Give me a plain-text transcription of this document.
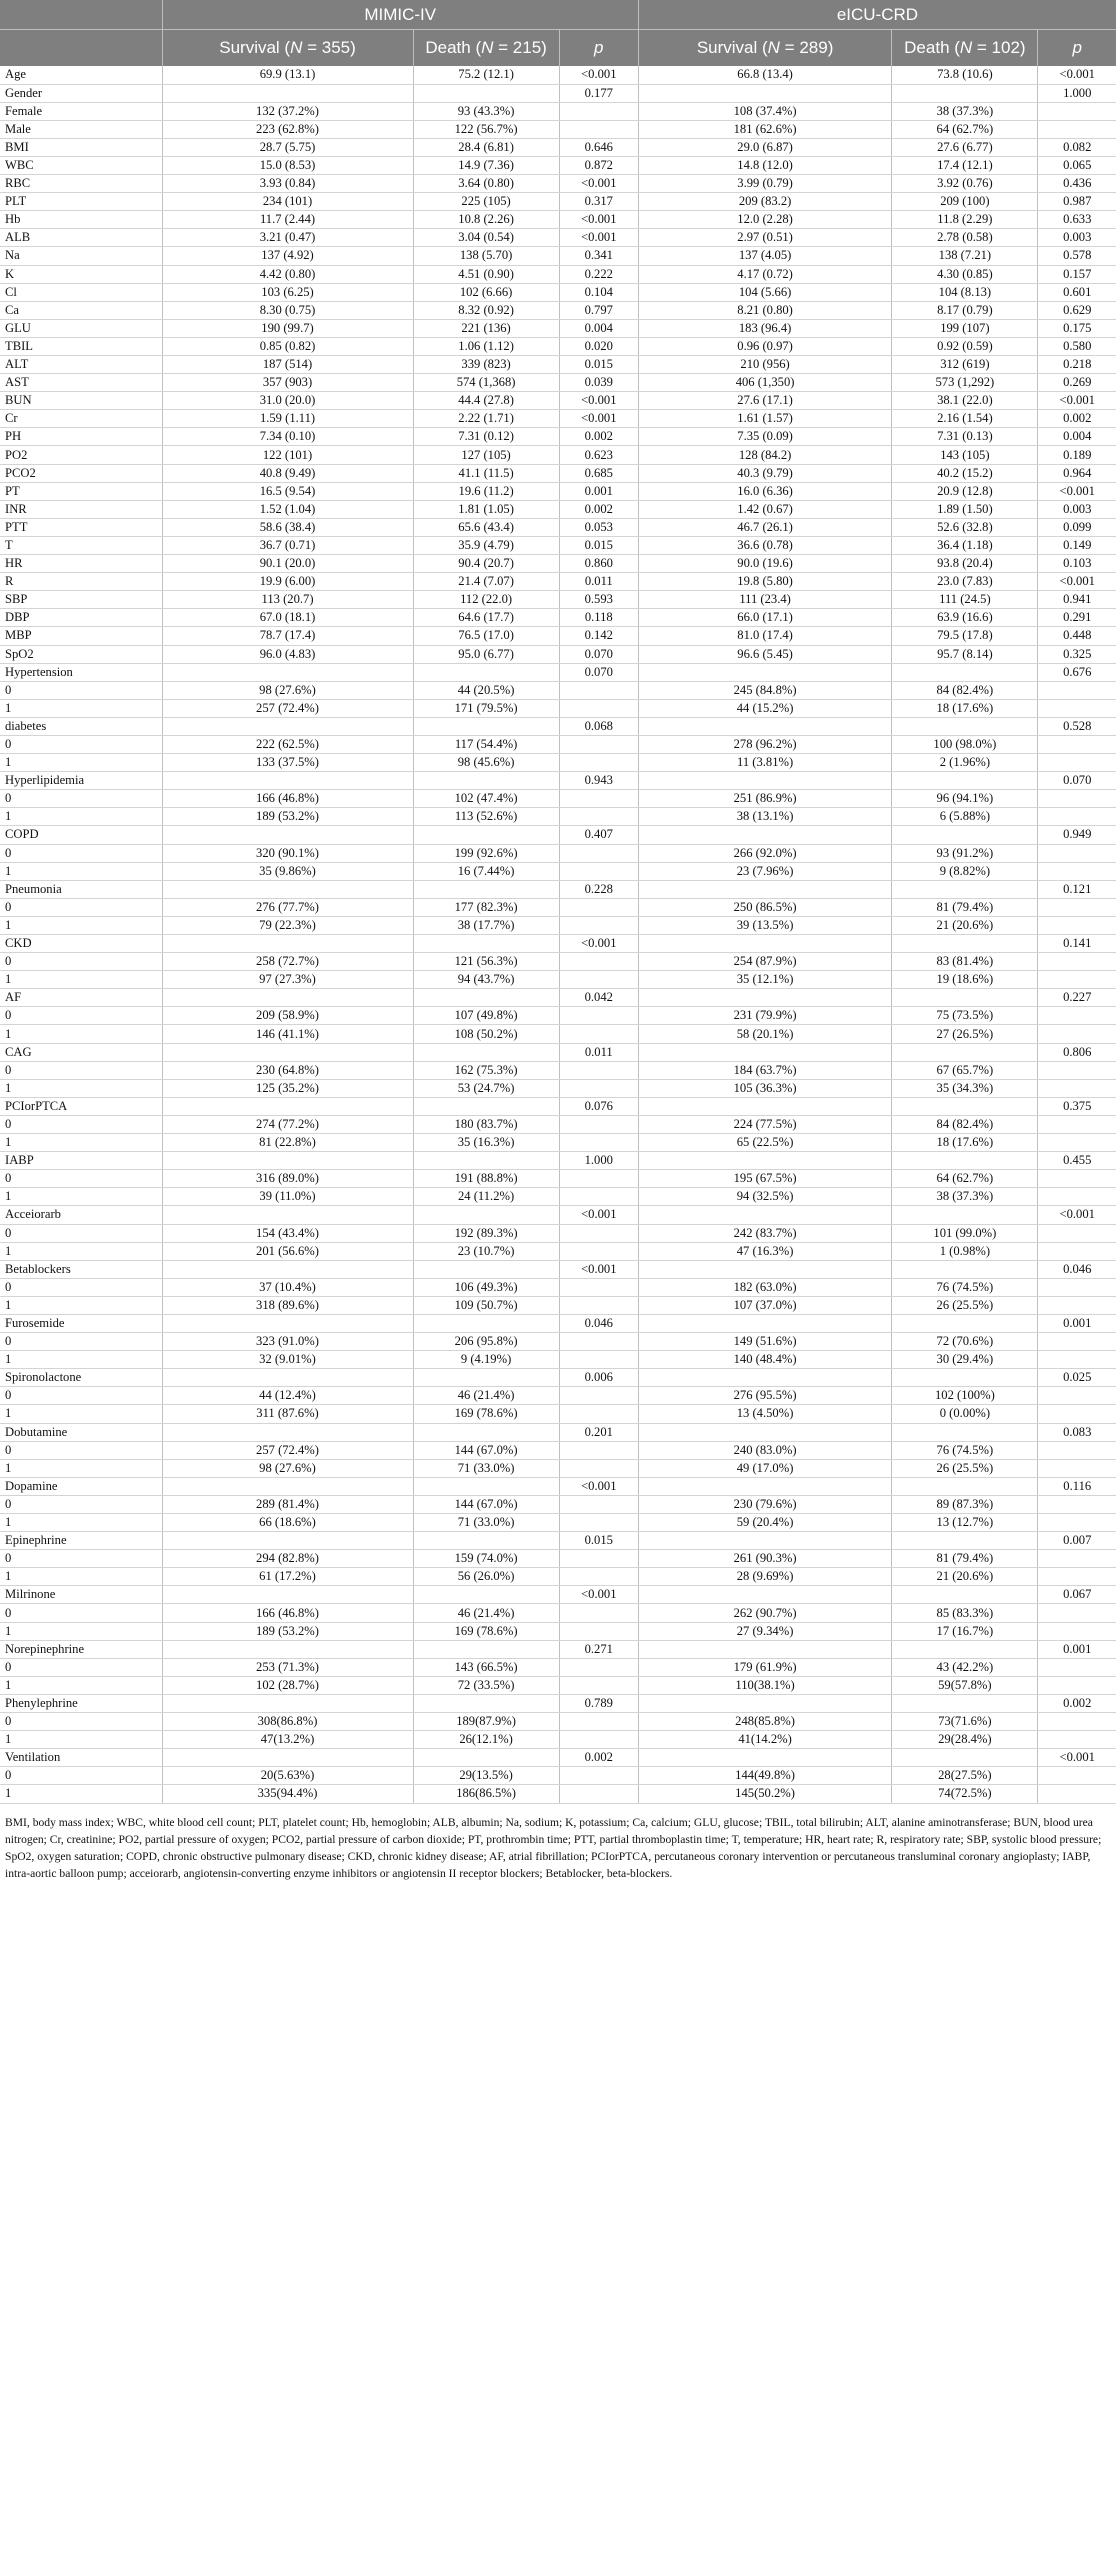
	MIMIC-IV			eICU-CRD		
	Survival (N = 355)	Death (N = 215)	p	Survival (N = 289)	Death (N = 102)	p
Age	69.9 (13.1)	75.2 (12.1)	<0.001	66.8 (13.4)	73.8 (10.6)	<0.001
Gender			0.177			1.000
Female	132 (37.2%)	93 (43.3%)		108 (37.4%)	38 (37.3%)	
Male	223 (62.8%)	122 (56.7%)		181 (62.6%)	64 (62.7%)	
BMI	28.7 (5.75)	28.4 (6.81)	0.646	29.0 (6.87)	27.6 (6.77)	0.082
WBC	15.0 (8.53)	14.9 (7.36)	0.872	14.8 (12.0)	17.4 (12.1)	0.065
RBC	3.93 (0.84)	3.64 (0.80)	<0.001	3.99 (0.79)	3.92 (0.76)	0.436
PLT	234 (101)	225 (105)	0.317	209 (83.2)	209 (100)	0.987
Hb	11.7 (2.44)	10.8 (2.26)	<0.001	12.0 (2.28)	11.8 (2.29)	0.633
ALB	3.21 (0.47)	3.04 (0.54)	<0.001	2.97 (0.51)	2.78 (0.58)	0.003
Na	137 (4.92)	138 (5.70)	0.341	137 (4.05)	138 (7.21)	0.578
K	4.42 (0.80)	4.51 (0.90)	0.222	4.17 (0.72)	4.30 (0.85)	0.157
Cl	103 (6.25)	102 (6.66)	0.104	104 (5.66)	104 (8.13)	0.601
Ca	8.30 (0.75)	8.32 (0.92)	0.797	8.21 (0.80)	8.17 (0.79)	0.629
GLU	190 (99.7)	221 (136)	0.004	183 (96.4)	199 (107)	0.175
TBIL	0.85 (0.82)	1.06 (1.12)	0.020	0.96 (0.97)	0.92 (0.59)	0.580
ALT	187 (514)	339 (823)	0.015	210 (956)	312 (619)	0.218
AST	357 (903)	574 (1,368)	0.039	406 (1,350)	573 (1,292)	0.269
BUN	31.0 (20.0)	44.4 (27.8)	<0.001	27.6 (17.1)	38.1 (22.0)	<0.001
Cr	1.59 (1.11)	2.22 (1.71)	<0.001	1.61 (1.57)	2.16 (1.54)	0.002
PH	7.34 (0.10)	7.31 (0.12)	0.002	7.35 (0.09)	7.31 (0.13)	0.004
PO2	122 (101)	127 (105)	0.623	128 (84.2)	143 (105)	0.189
PCO2	40.8 (9.49)	41.1 (11.5)	0.685	40.3 (9.79)	40.2 (15.2)	0.964
PT	16.5 (9.54)	19.6 (11.2)	0.001	16.0 (6.36)	20.9 (12.8)	<0.001
INR	1.52 (1.04)	1.81 (1.05)	0.002	1.42 (0.67)	1.89 (1.50)	0.003
PTT	58.6 (38.4)	65.6 (43.4)	0.053	46.7 (26.1)	52.6 (32.8)	0.099
T	36.7 (0.71)	35.9 (4.79)	0.015	36.6 (0.78)	36.4 (1.18)	0.149
HR	90.1 (20.0)	90.4 (20.7)	0.860	90.0 (19.6)	93.8 (20.4)	0.103
R	19.9 (6.00)	21.4 (7.07)	0.011	19.8 (5.80)	23.0 (7.83)	<0.001
SBP	113 (20.7)	112 (22.0)	0.593	111 (23.4)	111 (24.5)	0.941
DBP	67.0 (18.1)	64.6 (17.7)	0.118	66.0 (17.1)	63.9 (16.6)	0.291
MBP	78.7 (17.4)	76.5 (17.0)	0.142	81.0 (17.4)	79.5 (17.8)	0.448
SpO2	96.0 (4.83)	95.0 (6.77)	0.070	96.6 (5.45)	95.7 (8.14)	0.325
Hypertension			0.070			0.676
0	98 (27.6%)	44 (20.5%)		245 (84.8%)	84 (82.4%)	
1	257 (72.4%)	171 (79.5%)		44 (15.2%)	18 (17.6%)	
diabetes			0.068			0.528
0	222 (62.5%)	117 (54.4%)		278 (96.2%)	100 (98.0%)	
1	133 (37.5%)	98 (45.6%)		11 (3.81%)	2 (1.96%)	
Hyperlipidemia			0.943			0.070
0	166 (46.8%)	102 (47.4%)		251 (86.9%)	96 (94.1%)	
1	189 (53.2%)	113 (52.6%)		38 (13.1%)	6 (5.88%)	
COPD			0.407			0.949
0	320 (90.1%)	199 (92.6%)		266 (92.0%)	93 (91.2%)	
1	35 (9.86%)	16 (7.44%)		23 (7.96%)	9 (8.82%)	
Pneumonia			0.228			0.121
0	276 (77.7%)	177 (82.3%)		250 (86.5%)	81 (79.4%)	
1	79 (22.3%)	38 (17.7%)		39 (13.5%)	21 (20.6%)	
CKD			<0.001			0.141
0	258 (72.7%)	121 (56.3%)		254 (87.9%)	83 (81.4%)	
1	97 (27.3%)	94 (43.7%)		35 (12.1%)	19 (18.6%)	
AF			0.042			0.227
0	209 (58.9%)	107 (49.8%)		231 (79.9%)	75 (73.5%)	
1	146 (41.1%)	108 (50.2%)		58 (20.1%)	27 (26.5%)	
CAG			0.011			0.806
0	230 (64.8%)	162 (75.3%)		184 (63.7%)	67 (65.7%)	
1	125 (35.2%)	53 (24.7%)		105 (36.3%)	35 (34.3%)	
PCIorPTCA			0.076			0.375
0	274 (77.2%)	180 (83.7%)		224 (77.5%)	84 (82.4%)	
1	81 (22.8%)	35 (16.3%)		65 (22.5%)	18 (17.6%)	
IABP			1.000			0.455
0	316 (89.0%)	191 (88.8%)		195 (67.5%)	64 (62.7%)	
1	39 (11.0%)	24 (11.2%)		94 (32.5%)	38 (37.3%)	
Acceiorarb			<0.001			<0.001
0	154 (43.4%)	192 (89.3%)		242 (83.7%)	101 (99.0%)	
1	201 (56.6%)	23 (10.7%)		47 (16.3%)	1 (0.98%)	
Betablockers			<0.001			0.046
0	37 (10.4%)	106 (49.3%)		182 (63.0%)	76 (74.5%)	
1	318 (89.6%)	109 (50.7%)		107 (37.0%)	26 (25.5%)	
Furosemide			0.046			0.001
0	323 (91.0%)	206 (95.8%)		149 (51.6%)	72 (70.6%)	
1	32 (9.01%)	9 (4.19%)		140 (48.4%)	30 (29.4%)	
Spironolactone			0.006			0.025
0	44 (12.4%)	46 (21.4%)		276 (95.5%)	102 (100%)	
1	311 (87.6%)	169 (78.6%)		13 (4.50%)	0 (0.00%)	
Dobutamine			0.201			0.083
0	257 (72.4%)	144 (67.0%)		240 (83.0%)	76 (74.5%)	
1	98 (27.6%)	71 (33.0%)		49 (17.0%)	26 (25.5%)	
Dopamine			<0.001			0.116
0	289 (81.4%)	144 (67.0%)		230 (79.6%)	89 (87.3%)	
1	66 (18.6%)	71 (33.0%)		59 (20.4%)	13 (12.7%)	
Epinephrine			0.015			0.007
0	294 (82.8%)	159 (74.0%)		261 (90.3%)	81 (79.4%)	
1	61 (17.2%)	56 (26.0%)		28 (9.69%)	21 (20.6%)	
Milrinone			<0.001			0.067
0	166 (46.8%)	46 (21.4%)		262 (90.7%)	85 (83.3%)	
1	189 (53.2%)	169 (78.6%)		27 (9.34%)	17 (16.7%)	
Norepinephrine			0.271			0.001
0	253 (71.3%)	143 (66.5%)		179 (61.9%)	43 (42.2%)	
1	102 (28.7%)	72 (33.5%)		110(38.1%)	59(57.8%)	
Phenylephrine			0.789			0.002
0	308(86.8%)	189(87.9%)		248(85.8%)	73(71.6%)	
1	47(13.2%)	26(12.1%)		41(14.2%)	29(28.4%)	
Ventilation			0.002			<0.001
0	20(5.63%)	29(13.5%)		144(49.8%)	28(27.5%)	
1	335(94.4%)	186(86.5%)		145(50.2%)	74(72.5%)	
BMI, body mass index; WBC, white blood cell count; PLT, platelet count; Hb, hemoglobin; ALB, albumin; Na, sodium; K, potassium; Ca, calcium; GLU, glucose; TBIL, total bilirubin; ALT, alanine aminotransferase; BUN, blood urea nitrogen; Cr, creatinine; PO2, partial pressure of oxygen; PCO2, partial pressure of carbon dioxide; PT, prothrombin time; PTT, partial thromboplastin time; T, temperature; HR, heart rate; R, respiratory rate; SBP, systolic blood pressure; SpO2, oxygen saturation; COPD, chronic obstructive pulmonary disease; CKD, chronic kidney disease; AF, atrial fibrillation; PCIorPTCA, percutaneous coronary intervention or percutaneous transluminal coronary angioplasty; IABP, intra-aortic balloon pump; acceiorarb, angiotensin-converting enzyme inhibitors or angiotensin II receptor blockers; Betablocker, beta-blockers.
